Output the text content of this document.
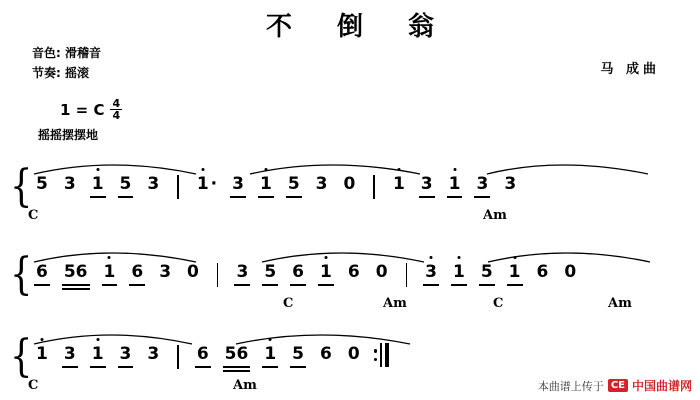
不 倒 翁
音色: 滑稽音
节奏: 摇滚	马 成曲
1 = C $\frac{4}{4}$
摇摇摆摆地
{ 5 3 1 5 3 1 · 3 1 5 3 0 1 3 1 3 3
C	Am
{ 6 56 1 6 3 0 3 5 6 1 6 0 3 1 5 1 6 0
C	Am	C	Am
{ 1 3 1 3 3 6 56 1 5 6 0
C	Am	本曲谱上传于 CE 中国曲谱网
